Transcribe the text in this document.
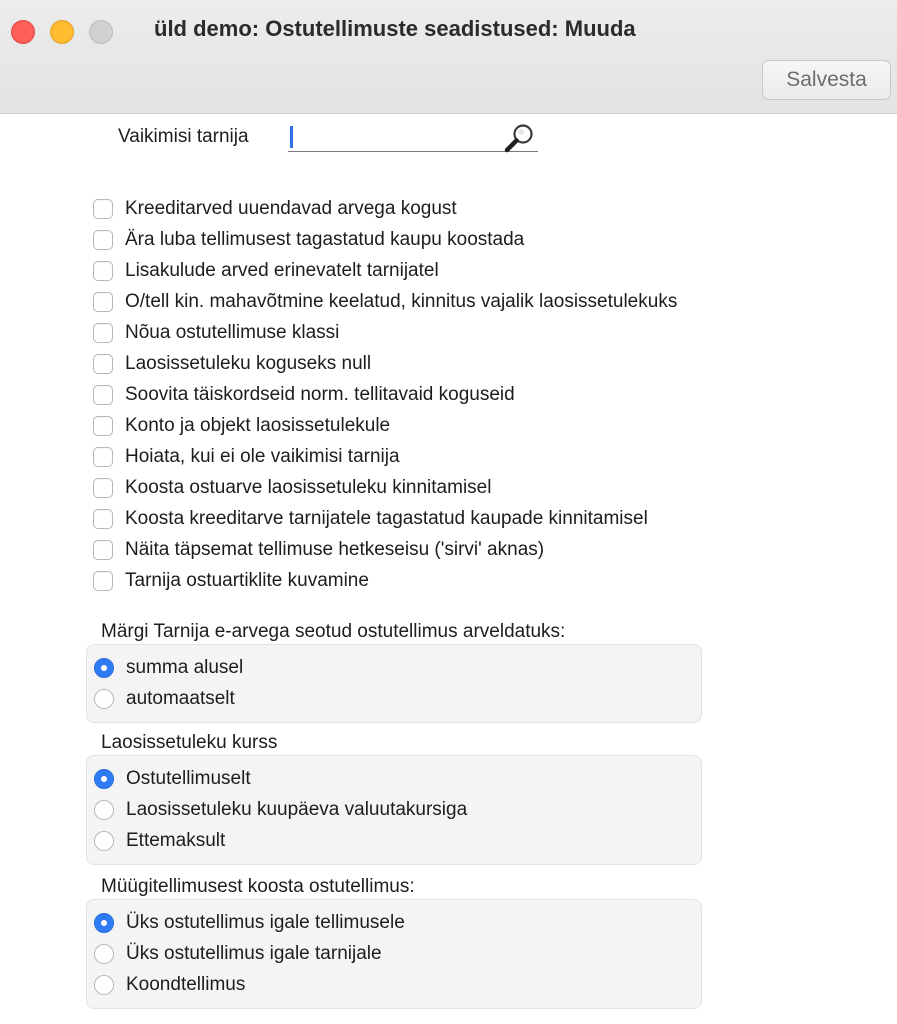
üld demo: Ostutellimuste seadistused: Muuda
Salvesta
Vaikimisi tarnija
Kreeditarved uuendavad arvega kogust
Ära luba tellimusest tagastatud kaupu koostada
Lisakulude arved erinevatelt tarnijatel
O/tell kin. mahavõtmine keelatud, kinnitus vajalik laosissetulekuks
Nõua ostutellimuse klassi
Laosissetuleku koguseks null
Soovita täiskordseid norm. tellitavaid koguseid
Konto ja objekt laosissetulekule
Hoiata, kui ei ole vaikimisi tarnija
Koosta ostuarve laosissetuleku kinnitamisel
Koosta kreeditarve tarnijatele tagastatud kaupade kinnitamisel
Näita täpsemat tellimuse hetkeseisu ('sirvi' aknas)
Tarnija ostuartiklite kuvamine
Märgi Tarnija e-arvega seotud ostutellimus arveldatuks:
summa alusel
automaatselt
Laosissetuleku kurss
Ostutellimuselt
Laosissetuleku kuupäeva valuutakursiga
Ettemaksult
Müügitellimusest koosta ostutellimus:
Üks ostutellimus igale tellimusele
Üks ostutellimus igale tarnijale
Koondtellimus
